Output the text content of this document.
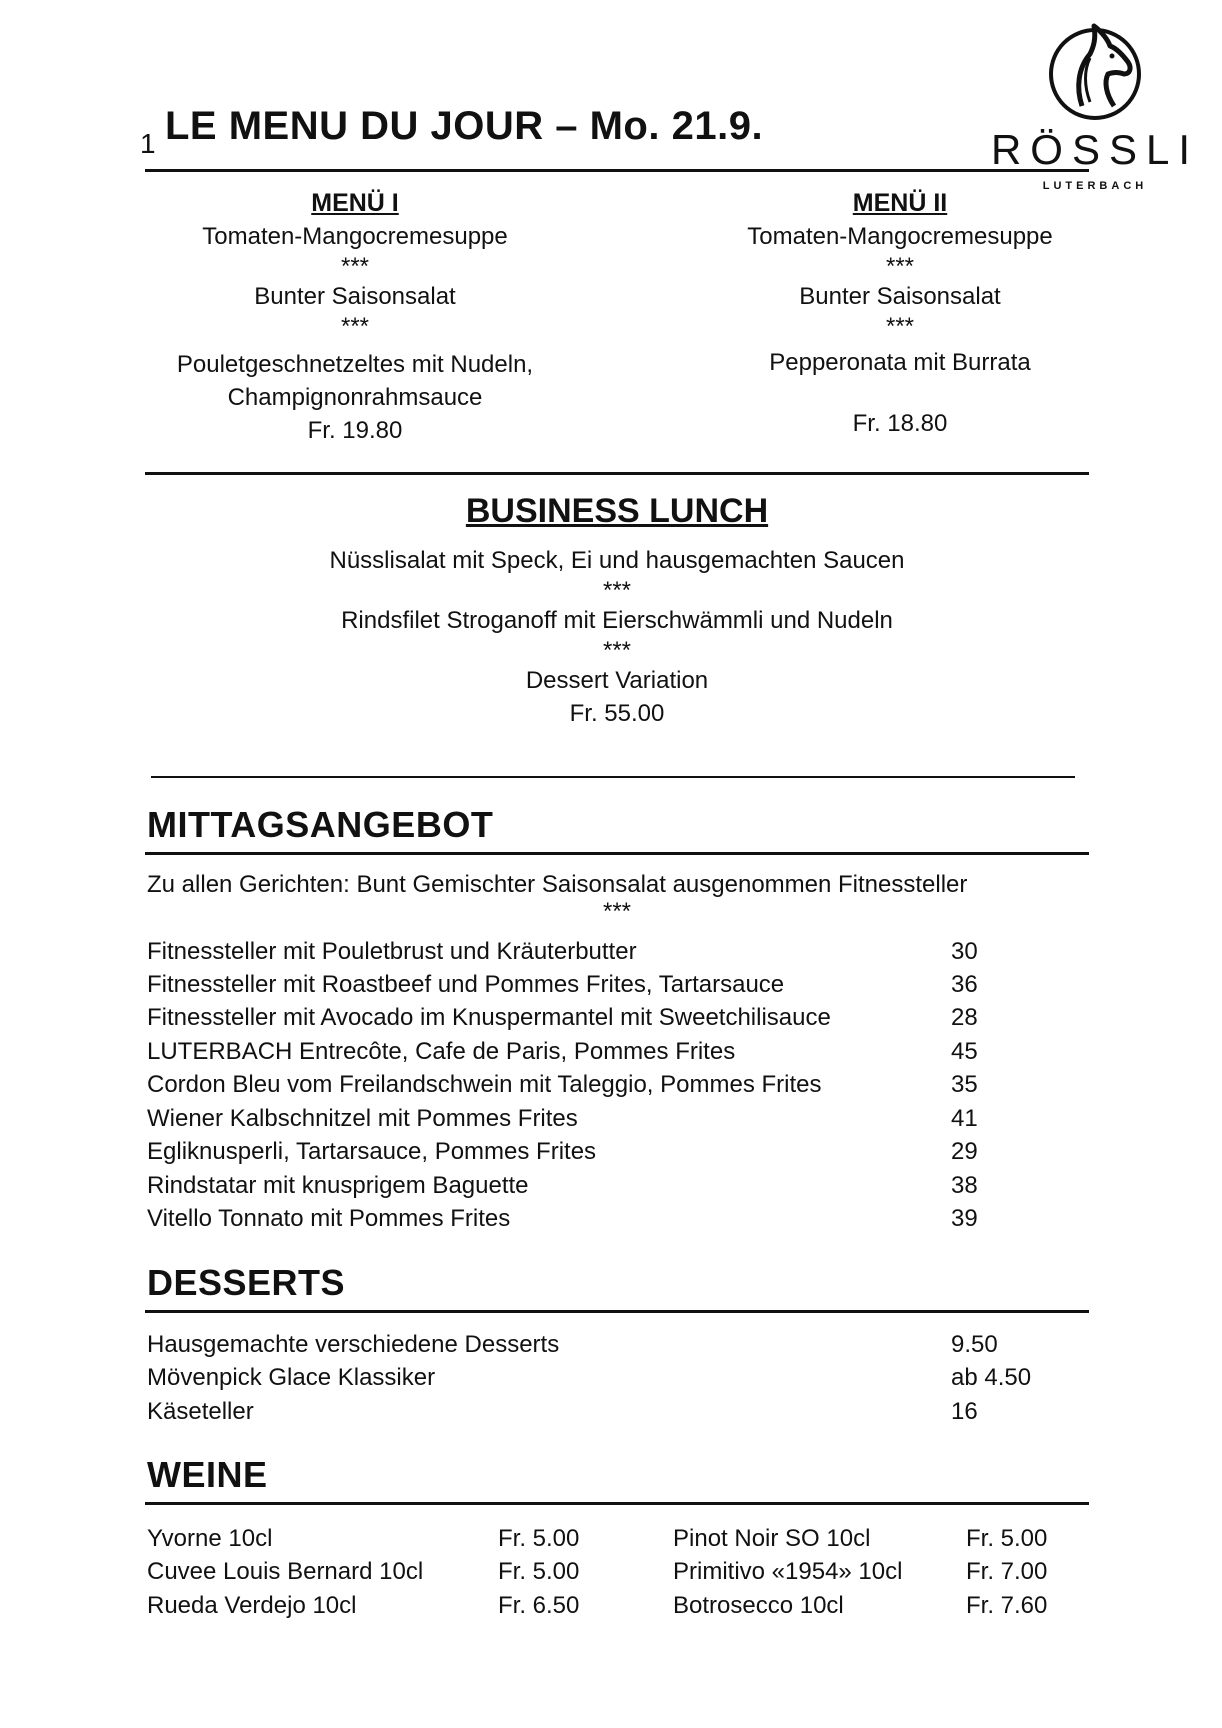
1 LE MENU DU JOUR – Mo. 21.9.	RÖSSLI
LUTERBACH
MENÜ I
Tomaten-Mangocremesuppe
***
Bunter Saisonsalat
***
Pouletgeschnetzeltes mit Nudeln,
Champignonrahmsauce
Fr. 19.80
MENÜ II
Tomaten-Mangocremesuppe
***
Bunter Saisonsalat
***
Pepperonata mit Burrata
Fr. 18.80
BUSINESS LUNCH
Nüsslisalat mit Speck, Ei und hausgemachten Saucen
***
Rindsfilet Stroganoff mit Eierschwämmli und Nudeln
***
Dessert Variation
Fr. 55.00
MITTAGSANGEBOT
Zu allen Gerichten: Bunt Gemischter Saisonsalat ausgenommen Fitnessteller
***
Fitnessteller mit Pouletbrust und Kräuterbutter	30
Fitnessteller mit Roastbeef und Pommes Frites, Tartarsauce	36
Fitnessteller mit Avocado im Knuspermantel mit Sweetchilisauce	28
LUTERBACH Entrecôte, Cafe de Paris, Pommes Frites	45
Cordon Bleu vom Freilandschwein mit Taleggio, Pommes Frites	35
Wiener Kalbschnitzel mit Pommes Frites	41
Egliknusperli, Tartarsauce, Pommes Frites	29
Rindstatar mit knusprigem Baguette	38
Vitello Tonnato mit Pommes Frites	39
DESSERTS
Hausgemachte verschiedene Desserts	9.50
Mövenpick Glace Klassiker	ab 4.50
Käseteller	16
WEINE
Yvorne 10cl	Fr. 5.00	Pinot Noir SO 10cl	Fr. 5.00
Cuvee Louis Bernard 10cl	Fr. 5.00	Primitivo «1954» 10cl	Fr. 7.00
Rueda Verdejo 10cl	Fr. 6.50	Botrosecco 10cl	Fr. 7.60
